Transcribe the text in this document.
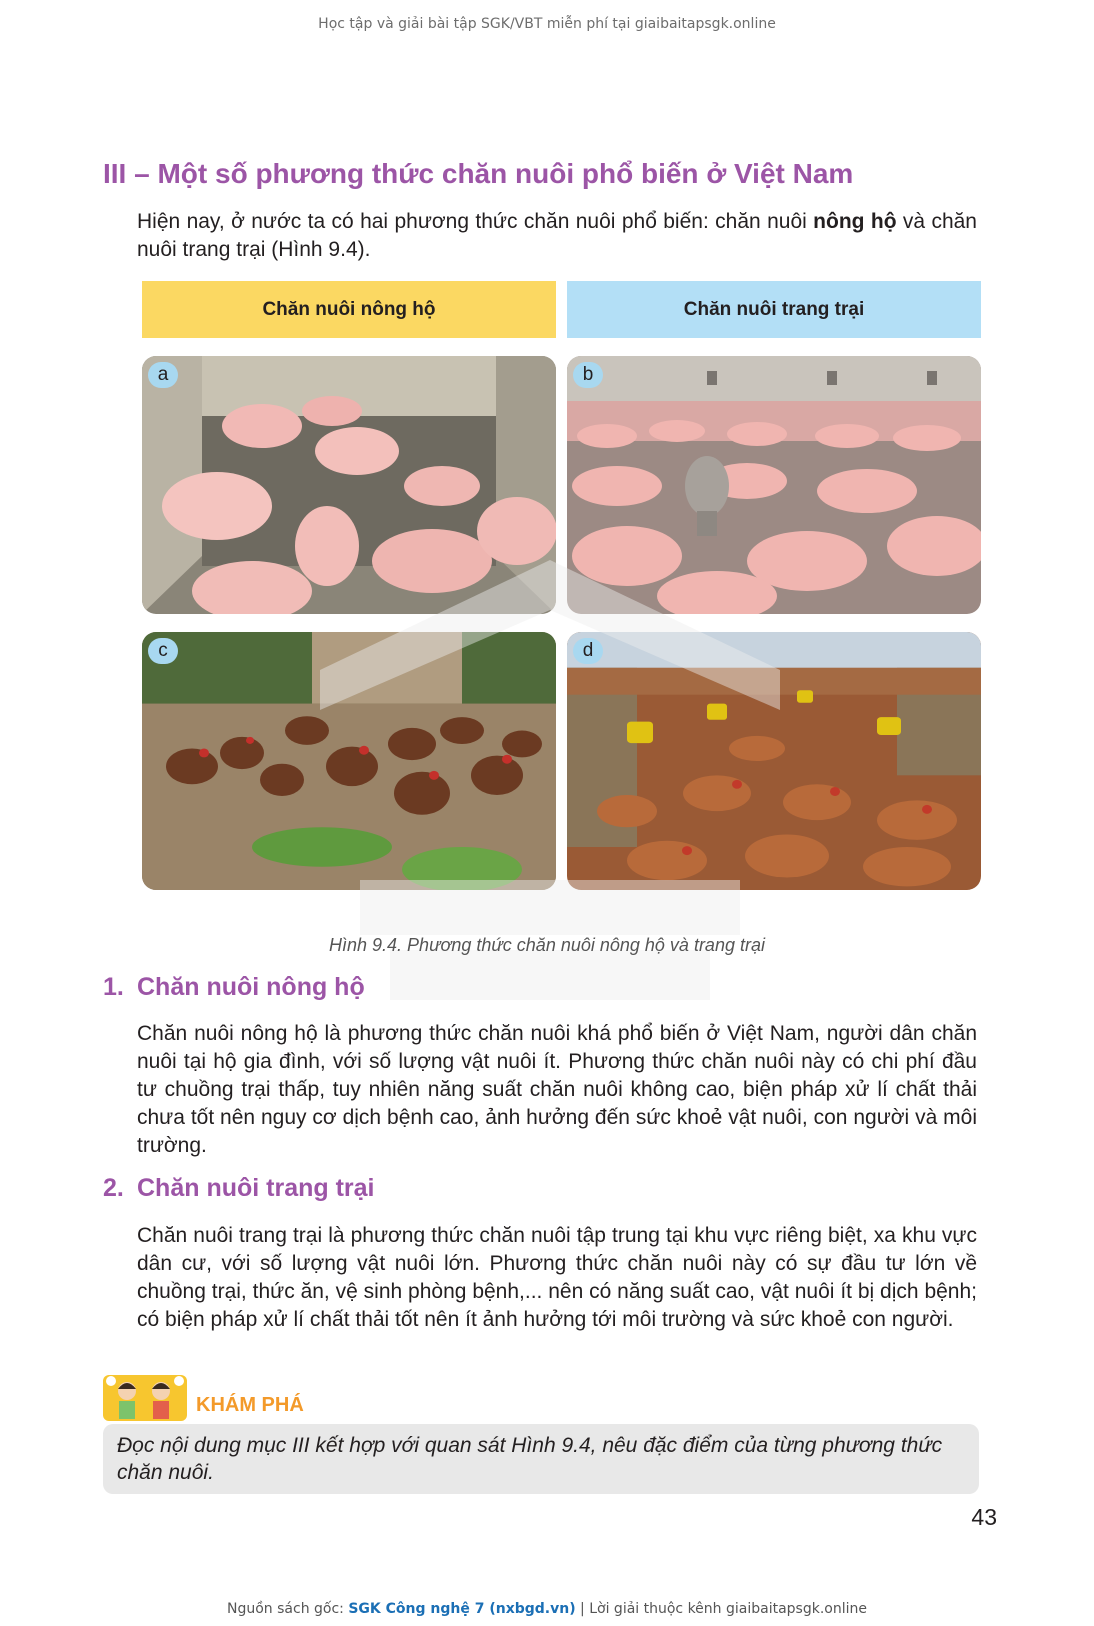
Học tập và giải bài tập SGK/VBT miễn phí tại giaibaitapsgk.online
III – Một số phương thức chăn nuôi phổ biến ở Việt Nam
Hiện nay, ở nước ta có hai phương thức chăn nuôi phổ biến: chăn nuôi nông hộ và chăn nuôi trang trại (Hình 9.4).
Chăn nuôi nông hộ	Chăn nuôi trang trại
a	b
c	d
Hình 9.4. Phương thức chăn nuôi nông hộ và trang trại
1. Chăn nuôi nông hộ
Chăn nuôi nông hộ là phương thức chăn nuôi khá phổ biến ở Việt Nam, người dân chăn nuôi tại hộ gia đình, với số lượng vật nuôi ít. Phương thức chăn nuôi này có chi phí đầu tư chuồng trại thấp, tuy nhiên năng suất chăn nuôi không cao, biện pháp xử lí chất thải chưa tốt nên nguy cơ dịch bệnh cao, ảnh hưởng đến sức khoẻ vật nuôi, con người và môi trường.
2. Chăn nuôi trang trại
Chăn nuôi trang trại là phương thức chăn nuôi tập trung tại khu vực riêng biệt, xa khu vực dân cư, với số lượng vật nuôi lớn. Phương thức chăn nuôi này có sự đầu tư lớn về chuồng trại, thức ăn, vệ sinh phòng bệnh,... nên có năng suất cao, vật nuôi ít bị dịch bệnh; có biện pháp xử lí chất thải tốt nên ít ảnh hưởng tới môi trường và sức khoẻ con người.
KHÁM PHÁ
Đọc nội dung mục III kết hợp với quan sát Hình 9.4, nêu đặc điểm của từng phương thức chăn nuôi.
43
Nguồn sách gốc: SGK Công nghệ 7 (nxbgd.vn) | Lời giải thuộc kênh giaibaitapsgk.online
